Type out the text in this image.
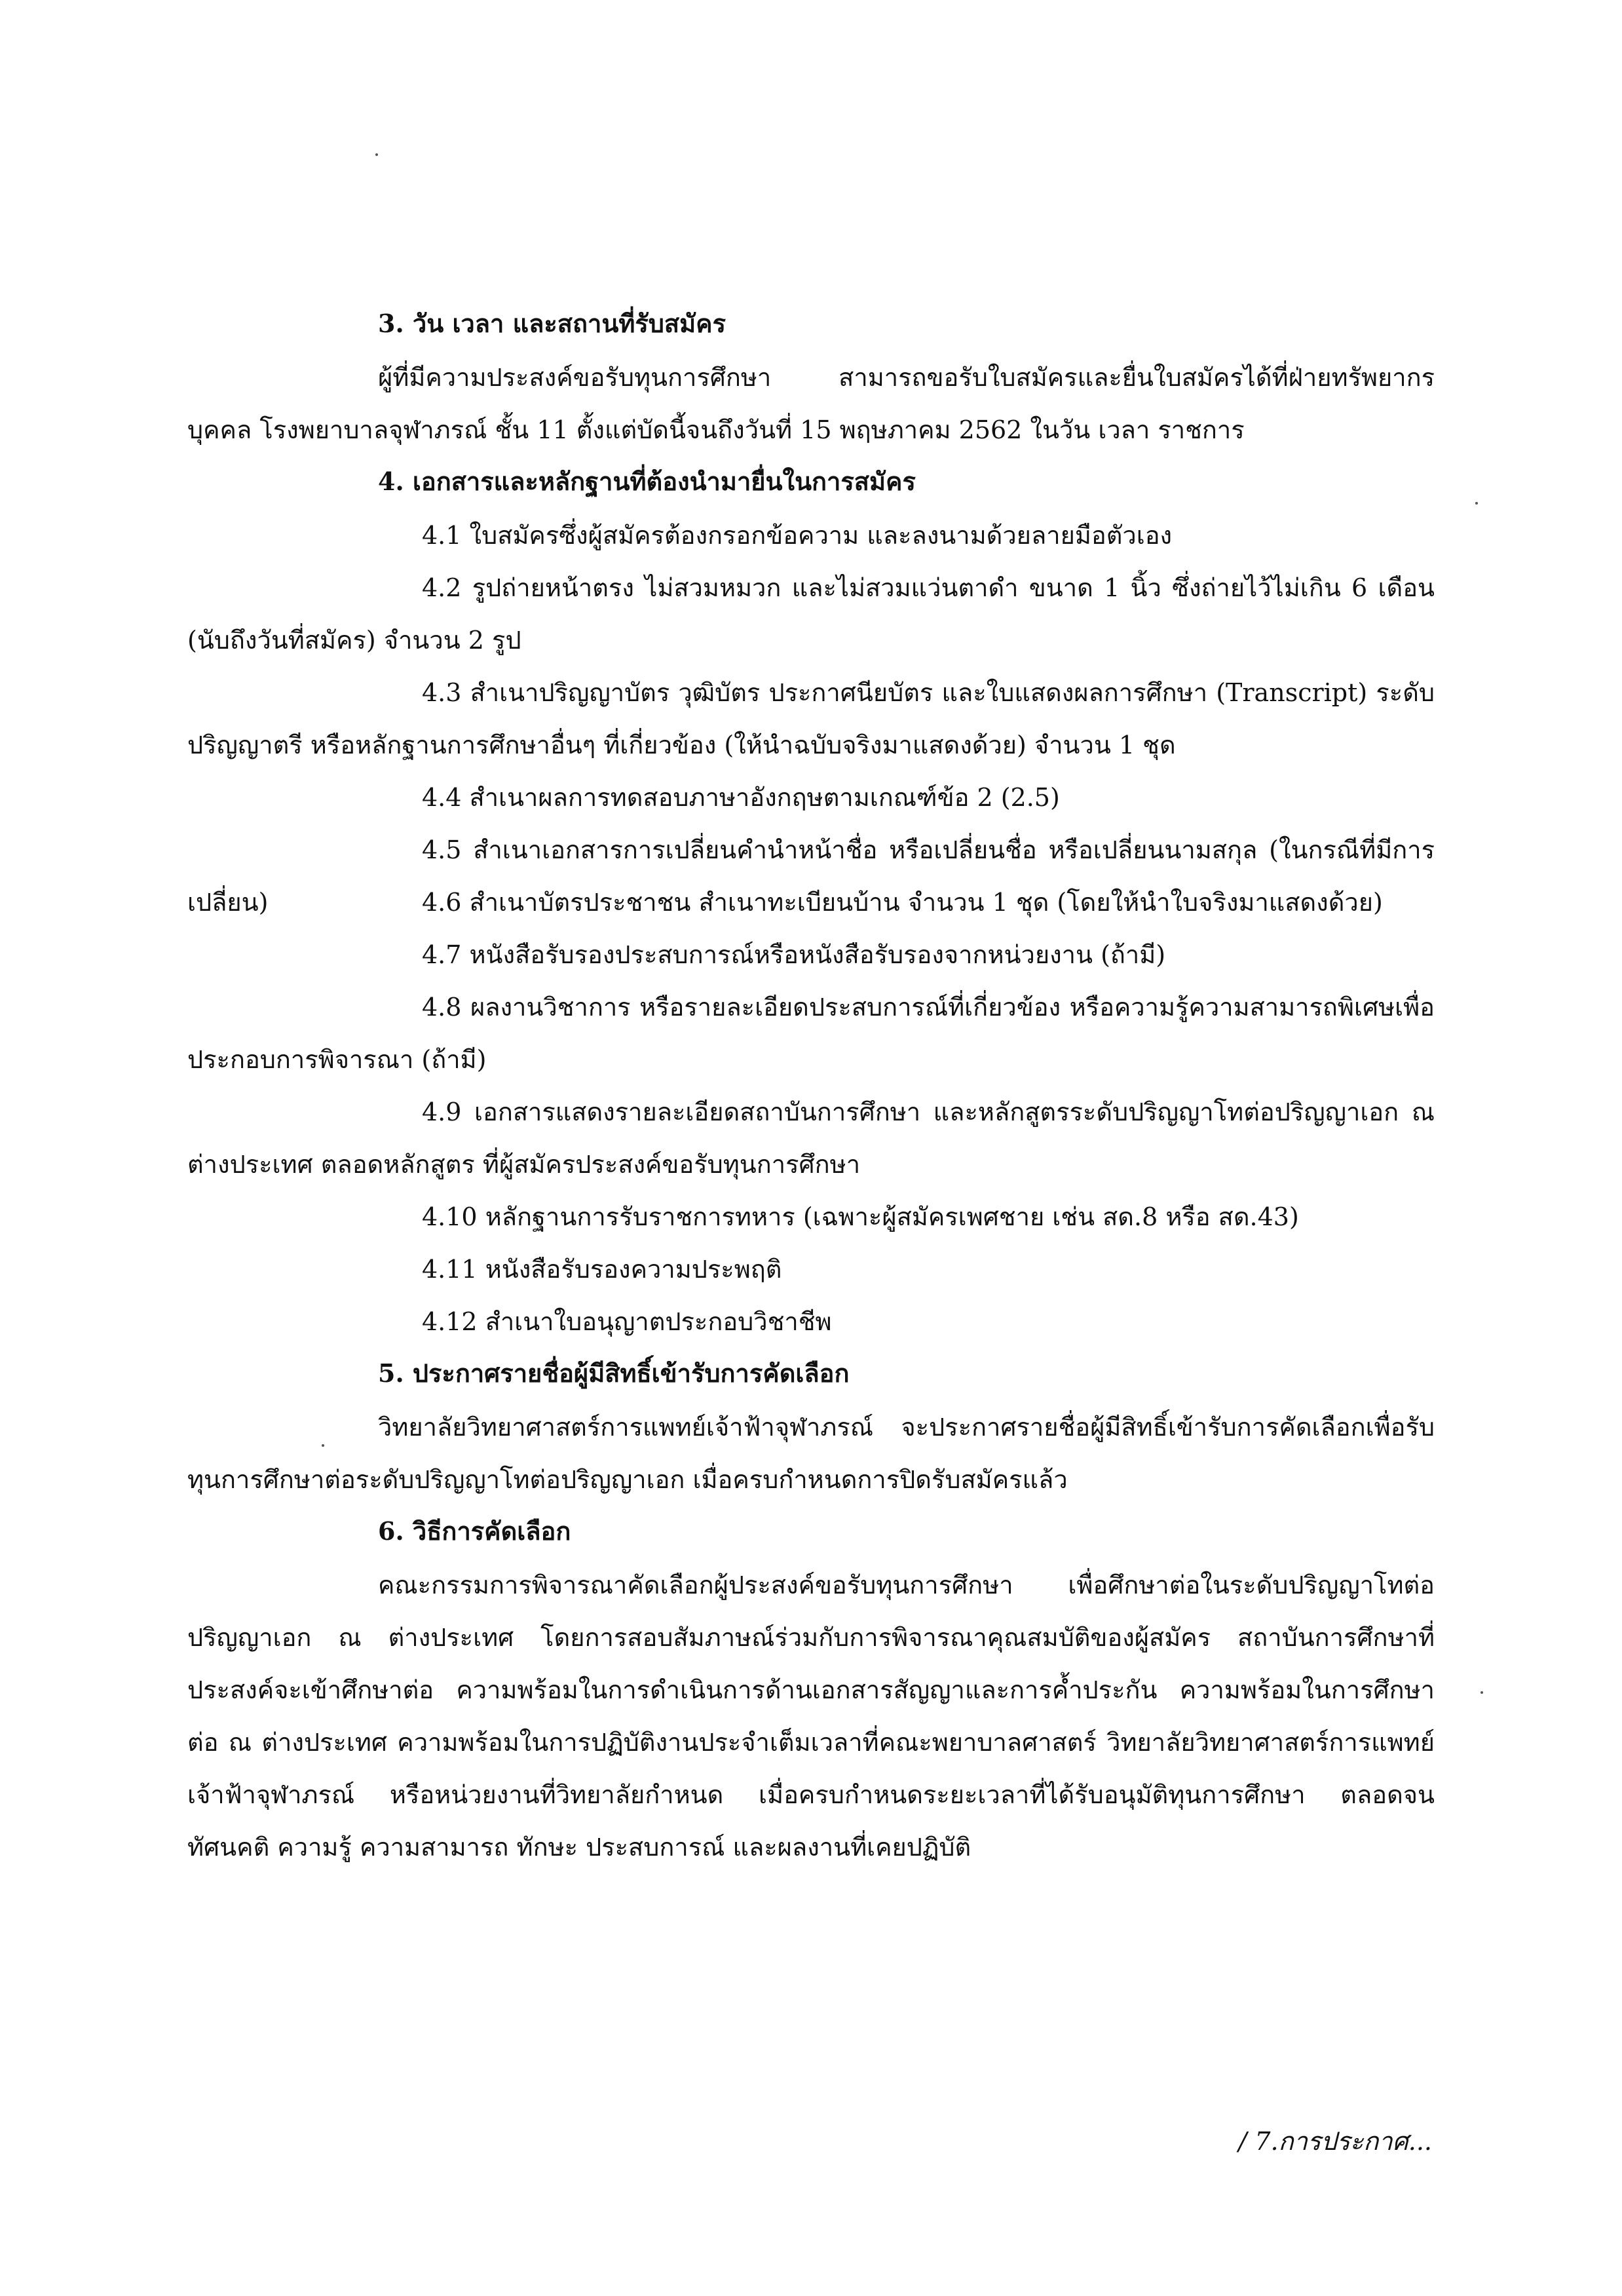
3. วัน เวลา และสถานที่รับสมัคร
ผู้ที่มีความประสงค์ขอรับทุนการศึกษา สามารถขอรับใบสมัครและยื่นใบสมัครได้ที่ฝ่ายทรัพยากรบุคคล โรงพยาบาลจุฬาภรณ์ ชั้น 11 ตั้งแต่บัดนี้จนถึงวันที่ 15 พฤษภาคม 2562 ในวัน เวลา ราชการ
4. เอกสารและหลักฐานที่ต้องนำมายื่นในการสมัคร
4.1 ใบสมัครซึ่งผู้สมัครต้องกรอกข้อความ และลงนามด้วยลายมือตัวเอง
4.2 รูปถ่ายหน้าตรง ไม่สวมหมวก และไม่สวมแว่นตาดำ ขนาด 1 นิ้ว ซึ่งถ่ายไว้ไม่เกิน 6 เดือน (นับถึงวันที่สมัคร) จำนวน 2 รูป
4.3 สำเนาปริญญาบัตร วุฒิบัตร ประกาศนียบัตร และใบแสดงผลการศึกษา (Transcript) ระดับปริญญาตรี หรือหลักฐานการศึกษาอื่นๆ ที่เกี่ยวข้อง (ให้นำฉบับจริงมาแสดงด้วย) จำนวน 1 ชุด
4.4 สำเนาผลการทดสอบภาษาอังกฤษตามเกณฑ์ข้อ 2 (2.5)
4.5 สำเนาเอกสารการเปลี่ยนคำนำหน้าชื่อ หรือเปลี่ยนชื่อ หรือเปลี่ยนนามสกุล (ในกรณีที่มีการเปลี่ยน)	4.6 สำเนาบัตรประชาชน สำเนาทะเบียนบ้าน จำนวน 1 ชุด (โดยให้นำใบจริงมาแสดงด้วย)
4.7 หนังสือรับรองประสบการณ์หรือหนังสือรับรองจากหน่วยงาน (ถ้ามี)
4.8 ผลงานวิชาการ หรือรายละเอียดประสบการณ์ที่เกี่ยวข้อง หรือความรู้ความสามารถพิเศษเพื่อประกอบการพิจารณา (ถ้ามี)
4.9 เอกสารแสดงรายละเอียดสถาบันการศึกษา และหลักสูตรระดับปริญญาโทต่อปริญญาเอก ณ ต่างประเทศ ตลอดหลักสูตร ที่ผู้สมัครประสงค์ขอรับทุนการศึกษา
4.10 หลักฐานการรับราชการทหาร (เฉพาะผู้สมัครเพศชาย เช่น สด.8 หรือ สด.43)
4.11 หนังสือรับรองความประพฤติ
4.12 สำเนาใบอนุญาตประกอบวิชาชีพ
5. ประกาศรายชื่อผู้มีสิทธิ์เข้ารับการคัดเลือก
วิทยาลัยวิทยาศาสตร์การแพทย์เจ้าฟ้าจุฬาภรณ์ จะประกาศรายชื่อผู้มีสิทธิ์เข้ารับการคัดเลือกเพื่อรับทุนการศึกษาต่อระดับปริญญาโทต่อปริญญาเอก เมื่อครบกำหนดการปิดรับสมัครแล้ว
6. วิธีการคัดเลือก
คณะกรรมการพิจารณาคัดเลือกผู้ประสงค์ขอรับทุนการศึกษา เพื่อศึกษาต่อในระดับปริญญาโทต่อปริญญาเอก ณ ต่างประเทศ โดยการสอบสัมภาษณ์ร่วมกับการพิจารณาคุณสมบัติของผู้สมัคร สถาบันการศึกษาที่ประสงค์จะเข้าศึกษาต่อ ความพร้อมในการดำเนินการด้านเอกสารสัญญาและการค้ำประกัน ความพร้อมในการศึกษาต่อ ณ ต่างประเทศ ความพร้อมในการปฏิบัติงานประจำเต็มเวลาที่คณะพยาบาลศาสตร์ วิทยาลัยวิทยาศาสตร์การแพทย์เจ้าฟ้าจุฬาภรณ์ หรือหน่วยงานที่วิทยาลัยกำหนด เมื่อครบกำหนดระยะเวลาที่ได้รับอนุมัติทุนการศึกษา ตลอดจน ทัศนคติ ความรู้ ความสามารถ ทักษะ ประสบการณ์ และผลงานที่เคยปฏิบัติ
/ 7.การประกาศ...
